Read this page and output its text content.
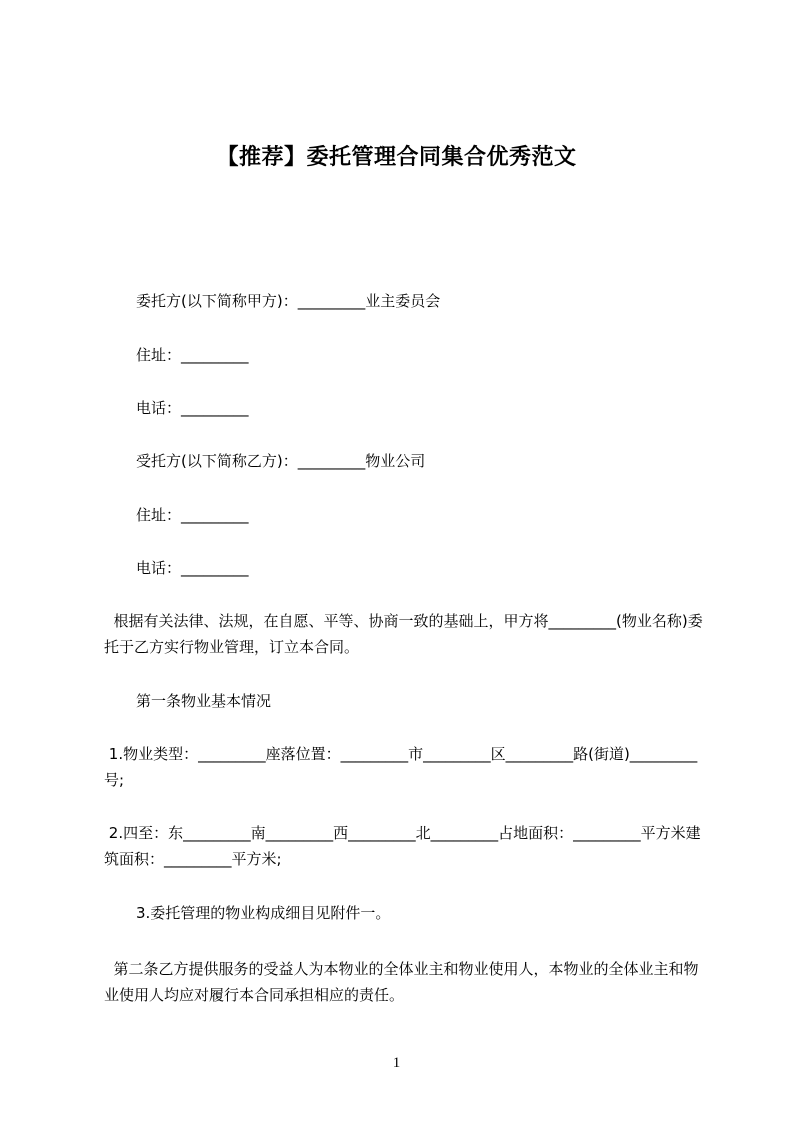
【推荐】委托管理合同集合优秀范文
委托方(以下简称甲方)：_________业主委员会
住址：_________
电话：_________
受托方(以下简称乙方)：_________物业公司
住址：_________
电话：_________
根据有关法律、法规，在自愿、平等、协商一致的基础上，甲方将_________(物业名称)委托于乙方实行物业管理，订立本合同。
第一条物业基本情况
1.物业类型：_________座落位置：_________市_________区_________路(街道)_________号;
2.四至：东_________南_________西_________北_________占地面积：_________平方米建筑面积：_________平方米;
3.委托管理的物业构成细目见附件一。
第二条乙方提供服务的受益人为本物业的全体业主和物业使用人，本物业的全体业主和物业使用人均应对履行本合同承担相应的责任。
1
